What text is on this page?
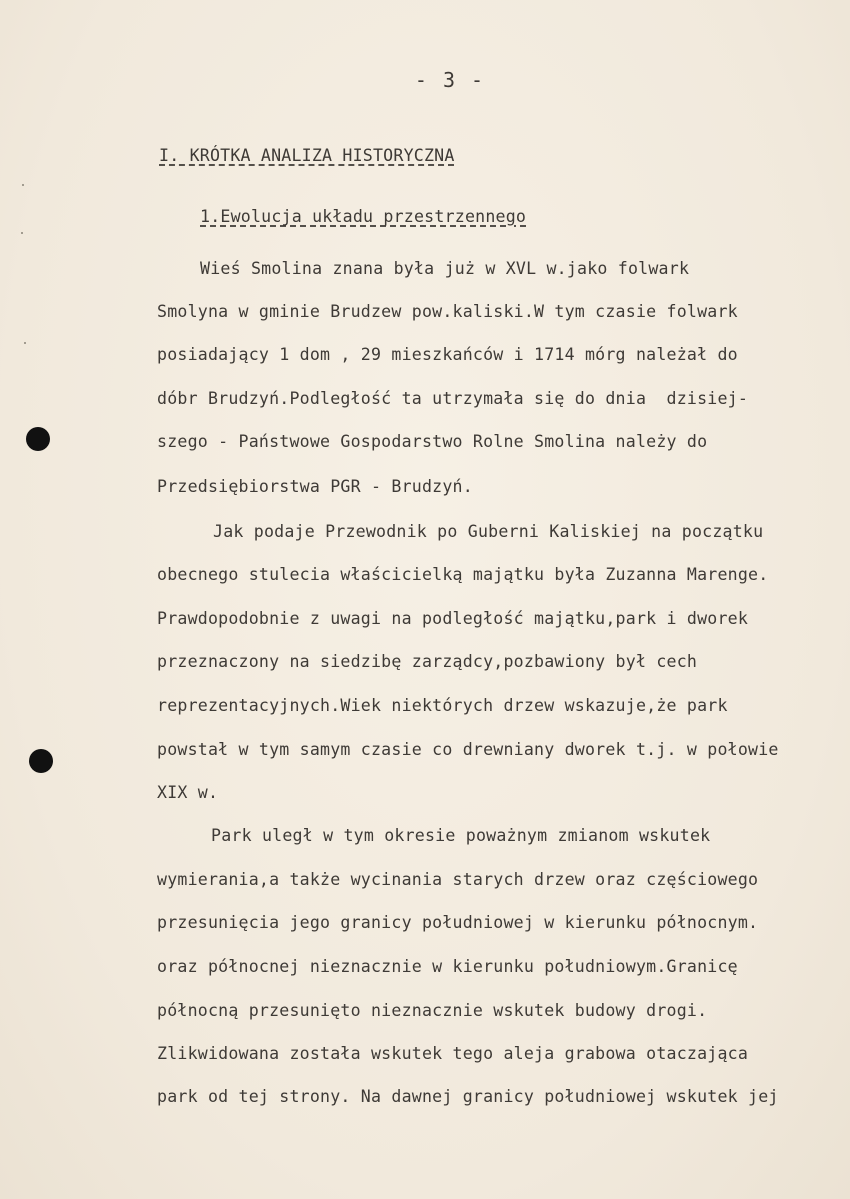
- 3 -
I. KRÓTKA ANALIZA HISTORYCZNA
1.Ewolucja układu przestrzennego
Wieś Smolina znana była już w XVL w.jako folwark
Smolyna w gminie Brudzew pow.kaliski.W tym czasie folwark
posiadający 1 dom , 29 mieszkańców i 1714 mórg należał do
dóbr Brudzyń.Podległość ta utrzymała się do dnia  dzisiej-
szego - Państwowe Gospodarstwo Rolne Smolina należy do
Przedsiębiorstwa PGR - Brudzyń.
Jak podaje Przewodnik po Guberni Kaliskiej na początku
obecnego stulecia właścicielką majątku była Zuzanna Marenge.
Prawdopodobnie z uwagi na podległość majątku,park i dworek
przeznaczony na siedzibę zarządcy,pozbawiony był cech
reprezentacyjnych.Wiek niektórych drzew wskazuje,że park
powstał w tym samym czasie co drewniany dworek t.j. w połowie
XIX w.
Park uległ w tym okresie poważnym zmianom wskutek
wymierania,a także wycinania starych drzew oraz częściowego
przesunięcia jego granicy południowej w kierunku północnym.
oraz północnej nieznacznie w kierunku południowym.Granicę
północną przesunięto nieznacznie wskutek budowy drogi.
Zlikwidowana została wskutek tego aleja grabowa otaczająca
park od tej strony. Na dawnej granicy południowej wskutek jej
